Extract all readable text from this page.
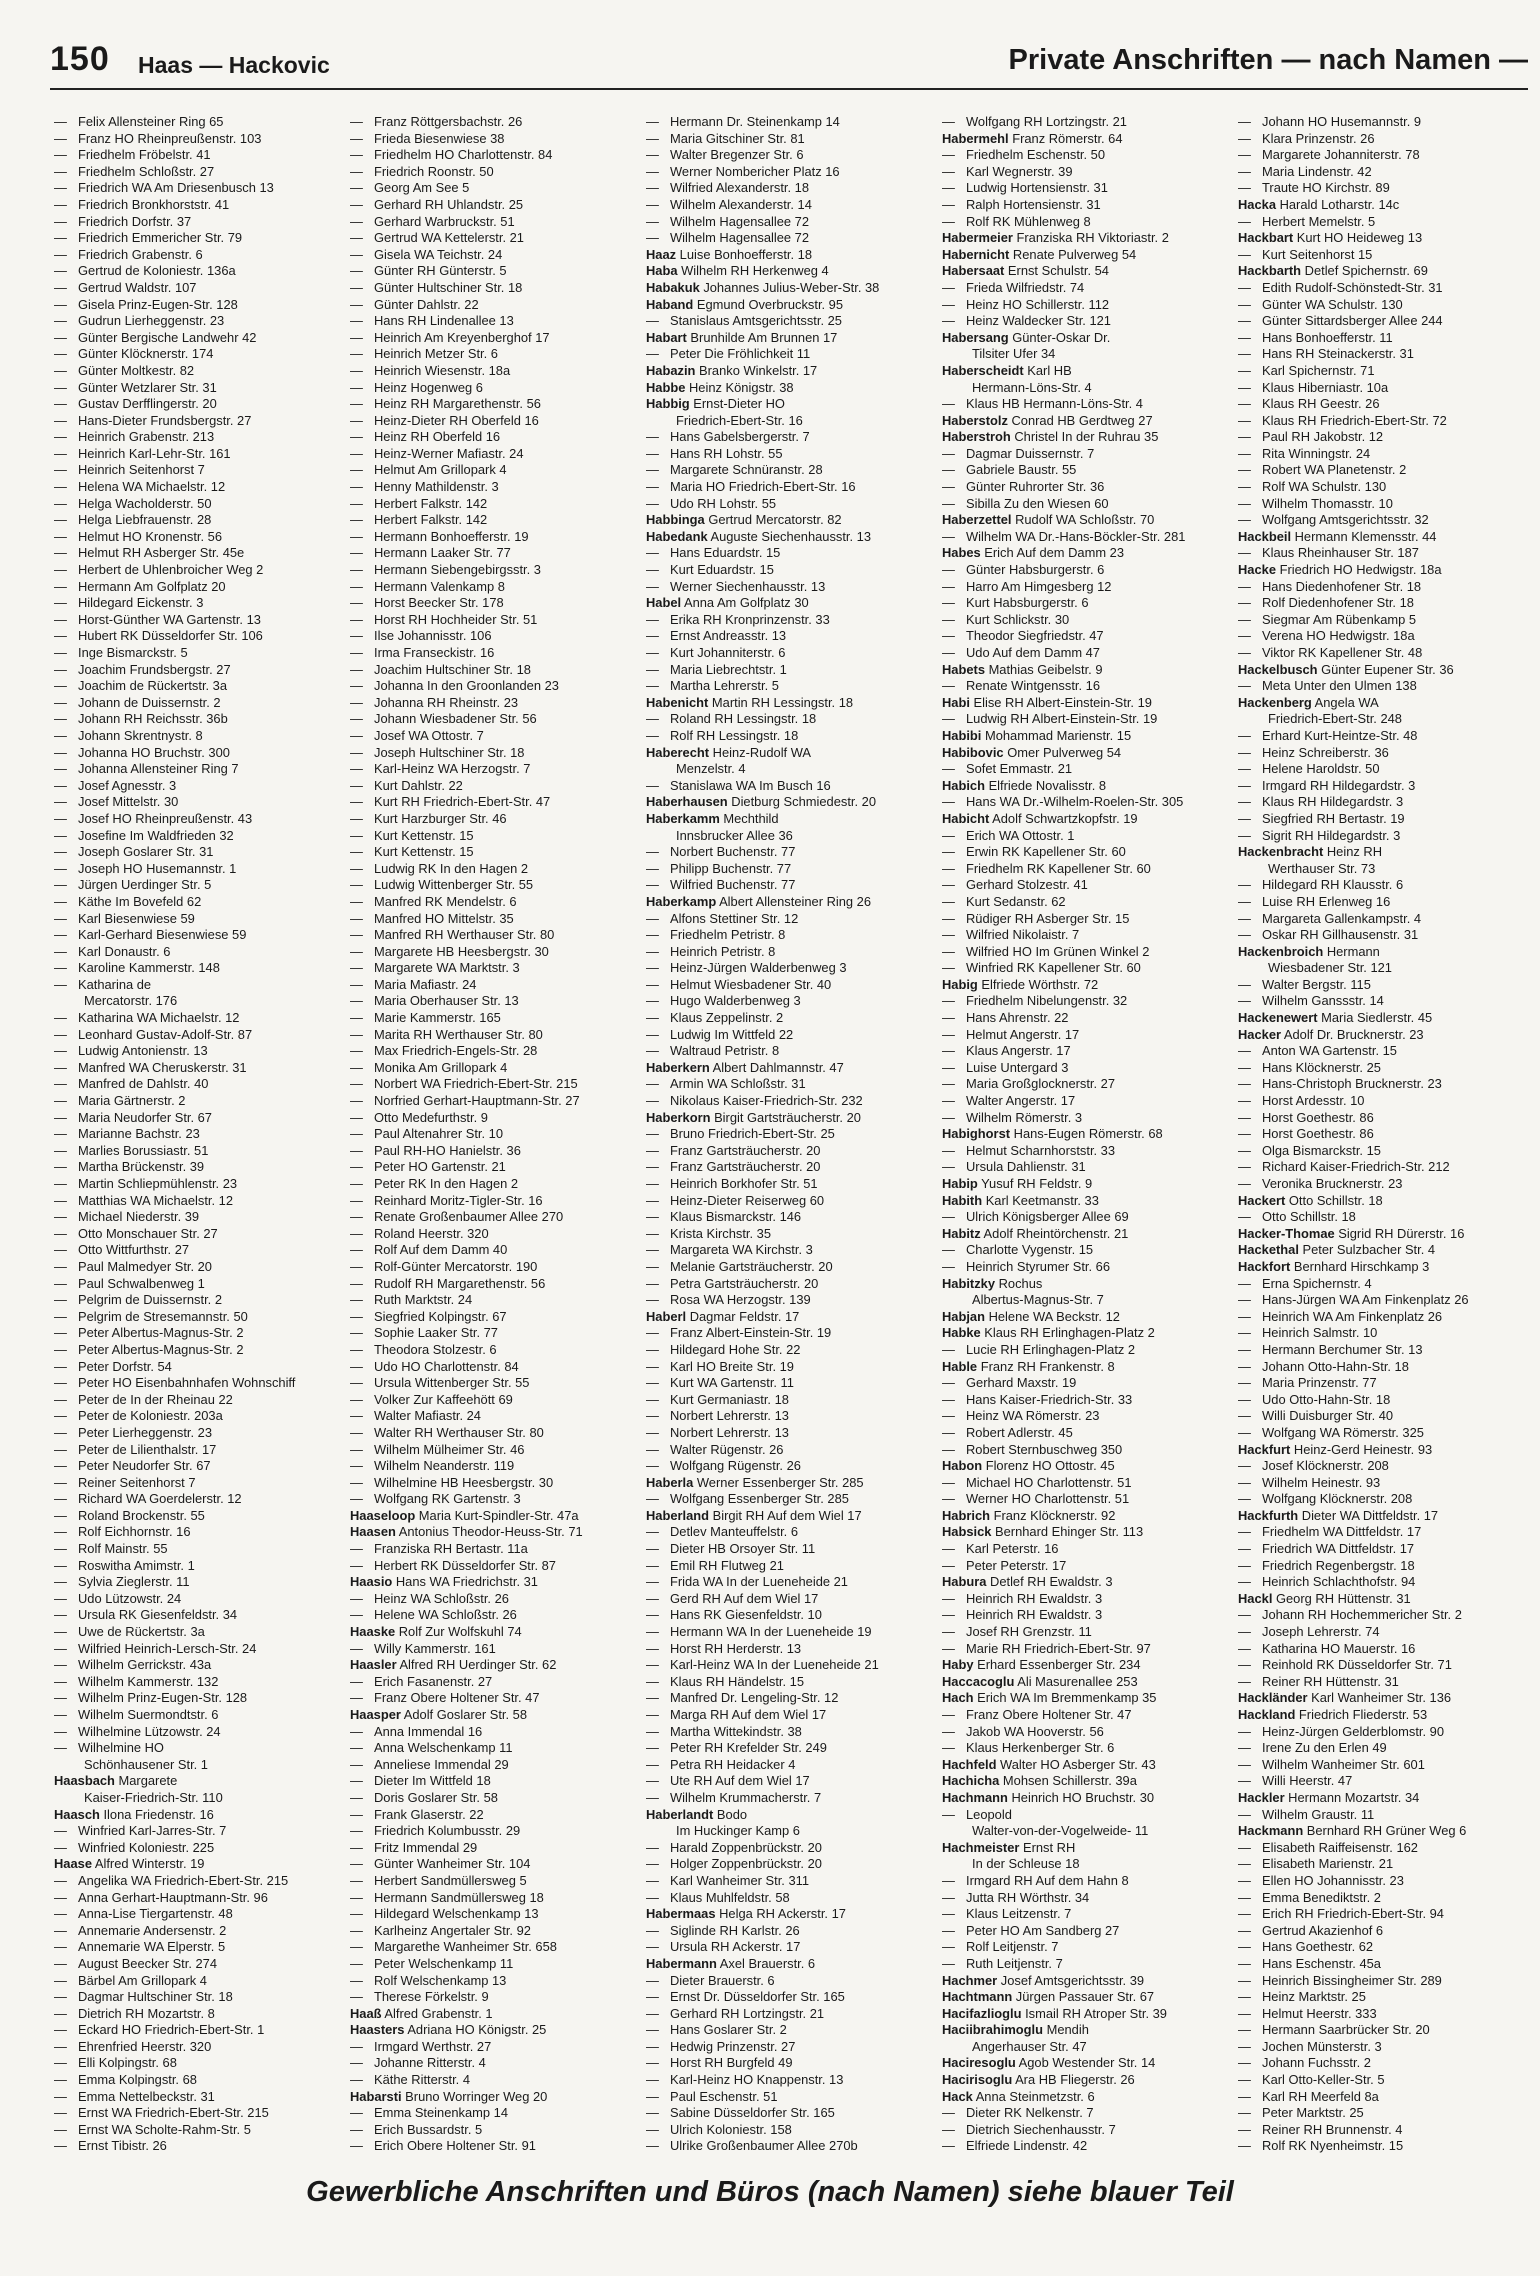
150 Haas — Hackovic	Private Anschriften — nach Namen —
— Felix Allensteiner Ring 65
— Franz HO Rheinpreußenstr. 103
— Friedhelm Fröbelstr. 41
— Friedhelm Schloßstr. 27
— Friedrich WA Am Driesenbusch 13
— Friedrich Bronkhorststr. 41
— Friedrich Dorfstr. 37
— Friedrich Emmericher Str. 79
— Friedrich Grabenstr. 6
— Gertrud de Koloniestr. 136a
— Gertrud Waldstr. 107
— Gisela Prinz-Eugen-Str. 128
— Gudrun Lierheggenstr. 23
— Günter Bergische Landwehr 42
— Günter Klöcknerstr. 174
— Günter Moltkestr. 82
— Günter Wetzlarer Str. 31
— Gustav Derfflingerstr. 20
— Hans-Dieter Frundsbergstr. 27
— Heinrich Grabenstr. 213
— Heinrich Karl-Lehr-Str. 161
— Heinrich Seitenhorst 7
— Helena WA Michaelstr. 12
— Helga Wacholderstr. 50
— Helga Liebfrauenstr. 28
— Helmut HO Kronenstr. 56
— Helmut RH Asberger Str. 45e
— Herbert de Uhlenbroicher Weg 2
— Hermann Am Golfplatz 20
— Hildegard Eickenstr. 3
— Horst-Günther WA Gartenstr. 13
— Hubert RK Düsseldorfer Str. 106
— Inge Bismarckstr. 5
— Joachim Frundsbergstr. 27
— Joachim de Rückertstr. 3a
— Johann de Duissernstr. 2
— Johann RH Reichsstr. 36b
— Johann Skrentnystr. 8
— Johanna HO Bruchstr. 300
— Johanna Allensteiner Ring 7
— Josef Agnesstr. 3
— Josef Mittelstr. 30
— Josef HO Rheinpreußenstr. 43
— Josefine Im Waldfrieden 32
— Joseph Goslarer Str. 31
— Joseph HO Husemannstr. 1
— Jürgen Uerdinger Str. 5
— Käthe Im Bovefeld 62
— Karl Biesenwiese 59
— Karl-Gerhard Biesenwiese 59
— Karl Donaustr. 6
— Karoline Kammerstr. 148
— Katharina de
Mercatorstr. 176
— Katharina WA Michaelstr. 12
— Leonhard Gustav-Adolf-Str. 87
— Ludwig Antonienstr. 13
— Manfred WA Cheruskerstr. 31
— Manfred de Dahlstr. 40
— Maria Gärtnerstr. 2
— Maria Neudorfer Str. 67
— Marianne Bachstr. 23
— Marlies Borussiastr. 51
— Martha Brückenstr. 39
— Martin Schliepmühlenstr. 23
— Matthias WA Michaelstr. 12
— Michael Niederstr. 39
— Otto Monschauer Str. 27
— Otto Wittfurthstr. 27
— Paul Malmedyer Str. 20
— Paul Schwalbenweg 1
— Pelgrim de Duissernstr. 2
— Pelgrim de Stresemannstr. 50
— Peter Albertus-Magnus-Str. 2
— Peter Albertus-Magnus-Str. 2
— Peter Dorfstr. 54
— Peter HO Eisenbahnhafen Wohnschiff
— Peter de In der Rheinau 22
— Peter de Koloniestr. 203a
— Peter Lierheggenstr. 23
— Peter de Lilienthalstr. 17
— Peter Neudorfer Str. 67
— Reiner Seitenhorst 7
— Richard WA Goerdelerstr. 12
— Roland Brockenstr. 55
— Rolf Eichhornstr. 16
— Rolf Mainstr. 55
— Roswitha Amimstr. 1
— Sylvia Zieglerstr. 11
— Udo Lützowstr. 24
— Ursula RK Giesenfeldstr. 34
— Uwe de Rückertstr. 3a
— Wilfried Heinrich-Lersch-Str. 24
— Wilhelm Gerrickstr. 43a
— Wilhelm Kammerstr. 132
— Wilhelm Prinz-Eugen-Str. 128
— Wilhelm Suermondtstr. 6
— Wilhelmine Lützowstr. 24
— Wilhelmine HO
Schönhausener Str. 1
Haasbach Margarete
Kaiser-Friedrich-Str. 110
Haasch Ilona Friedenstr. 16
— Winfried Karl-Jarres-Str. 7
— Winfried Koloniestr. 225
Haase Alfred Winterstr. 19
— Angelika WA Friedrich-Ebert-Str. 215
— Anna Gerhart-Hauptmann-Str. 96
— Anna-Lise Tiergartenstr. 48
— Annemarie Andersenstr. 2
— Annemarie WA Elperstr. 5
— August Beecker Str. 274
— Bärbel Am Grillopark 4
— Dagmar Hultschiner Str. 18
— Dietrich RH Mozartstr. 8
— Eckard HO Friedrich-Ebert-Str. 1
— Ehrenfried Heerstr. 320
— Elli Kolpingstr. 68
— Emma Kolpingstr. 68
— Emma Nettelbeckstr. 31
— Ernst WA Friedrich-Ebert-Str. 215
— Ernst WA Scholte-Rahm-Str. 5
— Ernst Tibistr. 26
— Franz Röttgersbachstr. 26
— Frieda Biesenwiese 38
— Friedhelm HO Charlottenstr. 84
— Friedrich Roonstr. 50
— Georg Am See 5
— Gerhard RH Uhlandstr. 25
— Gerhard Warbruckstr. 51
— Gertrud WA Kettelerstr. 21
— Gisela WA Teichstr. 24
— Günter RH Günterstr. 5
— Günter Hultschiner Str. 18
— Günter Dahlstr. 22
— Hans RH Lindenallee 13
— Heinrich Am Kreyenberghof 17
— Heinrich Metzer Str. 6
— Heinrich Wiesenstr. 18a
— Heinz Hogenweg 6
— Heinz RH Margarethenstr. 56
— Heinz-Dieter RH Oberfeld 16
— Heinz RH Oberfeld 16
— Heinz-Werner Mafiastr. 24
— Helmut Am Grillopark 4
— Henny Mathildenstr. 3
— Herbert Falkstr. 142
— Herbert Falkstr. 142
— Hermann Bonhoefferstr. 19
— Hermann Laaker Str. 77
— Hermann Siebengebirgsstr. 3
— Hermann Valenkamp 8
— Horst Beecker Str. 178
— Horst RH Hochheider Str. 51
— Ilse Johannisstr. 106
— Irma Franseckistr. 16
— Joachim Hultschiner Str. 18
— Johanna In den Groonlanden 23
— Johanna RH Rheinstr. 23
— Johann Wiesbadener Str. 56
— Josef WA Ottostr. 7
— Joseph Hultschiner Str. 18
— Karl-Heinz WA Herzogstr. 7
— Kurt Dahlstr. 22
— Kurt RH Friedrich-Ebert-Str. 47
— Kurt Harzburger Str. 46
— Kurt Kettenstr. 15
— Kurt Kettenstr. 15
— Ludwig RK In den Hagen 2
— Ludwig Wittenberger Str. 55
— Manfred RK Mendelstr. 6
— Manfred HO Mittelstr. 35
— Manfred RH Werthauser Str. 80
— Margarete HB Heesbergstr. 30
— Margarete WA Marktstr. 3
— Maria Mafiastr. 24
— Maria Oberhauser Str. 13
— Marie Kammerstr. 165
— Marita RH Werthauser Str. 80
— Max Friedrich-Engels-Str. 28
— Monika Am Grillopark 4
— Norbert WA Friedrich-Ebert-Str. 215
— Norfried Gerhart-Hauptmann-Str. 27
— Otto Medefurthstr. 9
— Paul Altenahrer Str. 10
— Paul RH-HO Hanielstr. 36
— Peter HO Gartenstr. 21
— Peter RK In den Hagen 2
— Reinhard Moritz-Tigler-Str. 16
— Renate Großenbaumer Allee 270
— Roland Heerstr. 320
— Rolf Auf dem Damm 40
— Rolf-Günter Mercatorstr. 190
— Rudolf RH Margarethenstr. 56
— Ruth Marktstr. 24
— Siegfried Kolpingstr. 67
— Sophie Laaker Str. 77
— Theodora Stolzestr. 6
— Udo HO Charlottenstr. 84
— Ursula Wittenberger Str. 55
— Volker Zur Kaffeehött 69
— Walter Mafiastr. 24
— Walter RH Werthauser Str. 80
— Wilhelm Mülheimer Str. 46
— Wilhelm Neanderstr. 119
— Wilhelmine HB Heesbergstr. 30
— Wolfgang RK Gartenstr. 3
Haaseloop Maria Kurt-Spindler-Str. 47a
Haasen Antonius Theodor-Heuss-Str. 71
— Franziska RH Bertastr. 11a
— Herbert RK Düsseldorfer Str. 87
Haasio Hans WA Friedrichstr. 31
— Heinz WA Schloßstr. 26
— Helene WA Schloßstr. 26
Haaske Rolf Zur Wolfskuhl 74
— Willy Kammerstr. 161
Haasler Alfred RH Uerdinger Str. 62
— Erich Fasanenstr. 27
— Franz Obere Holtener Str. 47
Haasper Adolf Goslarer Str. 58
— Anna Immendal 16
— Anna Welschenkamp 11
— Anneliese Immendal 29
— Dieter Im Wittfeld 18
— Doris Goslarer Str. 58
— Frank Glaserstr. 22
— Friedrich Kolumbusstr. 29
— Fritz Immendal 29
— Günter Wanheimer Str. 104
— Herbert Sandmüllersweg 5
— Hermann Sandmüllersweg 18
— Hildegard Welschenkamp 13
— Karlheinz Angertaler Str. 92
— Margarethe Wanheimer Str. 658
— Peter Welschenkamp 11
— Rolf Welschenkamp 13
— Therese Förkelstr. 9
Haaß Alfred Grabenstr. 1
Haasters Adriana HO Königstr. 25
— Irmgard Werthstr. 27
— Johanne Ritterstr. 4
— Käthe Ritterstr. 4
Habarsti Bruno Worringer Weg 20
— Emma Steinenkamp 14
— Erich Bussardstr. 5
— Erich Obere Holtener Str. 91
— Hermann Dr. Steinenkamp 14
— Maria Gitschiner Str. 81
— Walter Bregenzer Str. 6
— Werner Nombericher Platz 16
— Wilfried Alexanderstr. 18
— Wilhelm Alexanderstr. 14
— Wilhelm Hagensallee 72
— Wilhelm Hagensallee 72
Haaz Luise Bonhoefferstr. 18
Haba Wilhelm RH Herkenweg 4
Habakuk Johannes Julius-Weber-Str. 38
Haband Egmund Overbruckstr. 95
— Stanislaus Amtsgerichtsstr. 25
Habart Brunhilde Am Brunnen 17
— Peter Die Fröhlichkeit 11
Habazin Branko Winkelstr. 17
Habbe Heinz Königstr. 38
Habbig Ernst-Dieter HO
Friedrich-Ebert-Str. 16
— Hans Gabelsbergerstr. 7
— Hans RH Lohstr. 55
— Margarete Schnüranstr. 28
— Maria HO Friedrich-Ebert-Str. 16
— Udo RH Lohstr. 55
Habbinga Gertrud Mercatorstr. 82
Habedank Auguste Siechenhausstr. 13
— Hans Eduardstr. 15
— Kurt Eduardstr. 15
— Werner Siechenhausstr. 13
Habel Anna Am Golfplatz 30
— Erika RH Kronprinzenstr. 33
— Ernst Andreasstr. 13
— Kurt Johanniterstr. 6
— Maria Liebrechtstr. 1
— Martha Lehrerstr. 5
Habenicht Martin RH Lessingstr. 18
— Roland RH Lessingstr. 18
— Rolf RH Lessingstr. 18
Haberecht Heinz-Rudolf WA
Menzelstr. 4
— Stanislawa WA Im Busch 16
Haberhausen Dietburg Schmiedestr. 20
Haberkamm Mechthild
Innsbrucker Allee 36
— Norbert Buchenstr. 77
— Philipp Buchenstr. 77
— Wilfried Buchenstr. 77
Haberkamp Albert Allensteiner Ring 26
— Alfons Stettiner Str. 12
— Friedhelm Petristr. 8
— Heinrich Petristr. 8
— Heinz-Jürgen Walderbenweg 3
— Helmut Wiesbadener Str. 40
— Hugo Walderbenweg 3
— Klaus Zeppelinstr. 2
— Ludwig Im Wittfeld 22
— Waltraud Petristr. 8
Haberkern Albert Dahlmannstr. 47
— Armin WA Schloßstr. 31
— Nikolaus Kaiser-Friedrich-Str. 232
Haberkorn Birgit Gartsträucherstr. 20
— Bruno Friedrich-Ebert-Str. 25
— Franz Gartsträucherstr. 20
— Franz Gartsträucherstr. 20
— Heinrich Borkhofer Str. 51
— Heinz-Dieter Reiserweg 60
— Klaus Bismarckstr. 146
— Krista Kirchstr. 35
— Margareta WA Kirchstr. 3
— Melanie Gartsträucherstr. 20
— Petra Gartsträucherstr. 20
— Rosa WA Herzogstr. 139
Haberl Dagmar Feldstr. 17
— Franz Albert-Einstein-Str. 19
— Hildegard Hohe Str. 22
— Karl HO Breite Str. 19
— Kurt WA Gartenstr. 11
— Kurt Germaniastr. 18
— Norbert Lehrerstr. 13
— Norbert Lehrerstr. 13
— Walter Rügenstr. 26
— Wolfgang Rügenstr. 26
Haberla Werner Essenberger Str. 285
— Wolfgang Essenberger Str. 285
Haberland Birgit RH Auf dem Wiel 17
— Detlev Manteuffelstr. 6
— Dieter HB Orsoyer Str. 11
— Emil RH Flutweg 21
— Frida WA In der Lueneheide 21
— Gerd RH Auf dem Wiel 17
— Hans RK Giesenfeldstr. 10
— Hermann WA In der Lueneheide 19
— Horst RH Herderstr. 13
— Karl-Heinz WA In der Lueneheide 21
— Klaus RH Händelstr. 15
— Manfred Dr. Lengeling-Str. 12
— Marga RH Auf dem Wiel 17
— Martha Wittekindstr. 38
— Peter RH Krefelder Str. 249
— Petra RH Heidacker 4
— Ute RH Auf dem Wiel 17
— Wilhelm Krummacherstr. 7
Haberlandt Bodo
Im Huckinger Kamp 6
— Harald Zoppenbrückstr. 20
— Holger Zoppenbrückstr. 20
— Karl Wanheimer Str. 311
— Klaus Muhlfeldstr. 58
Habermaas Helga RH Ackerstr. 17
— Siglinde RH Karlstr. 26
— Ursula RH Ackerstr. 17
Habermann Axel Brauerstr. 6
— Dieter Brauerstr. 6
— Ernst Dr. Düsseldorfer Str. 165
— Gerhard RH Lortzingstr. 21
— Hans Goslarer Str. 2
— Hedwig Prinzenstr. 27
— Horst RH Burgfeld 49
— Karl-Heinz HO Knappenstr. 13
— Paul Eschenstr. 51
— Sabine Düsseldorfer Str. 165
— Ulrich Koloniestr. 158
— Ulrike Großenbaumer Allee 270b
— Wolfgang RH Lortzingstr. 21
Habermehl Franz Römerstr. 64
— Friedhelm Eschenstr. 50
— Karl Wegnerstr. 39
— Ludwig Hortensienstr. 31
— Ralph Hortensienstr. 31
— Rolf RK Mühlenweg 8
Habermeier Franziska RH Viktoriastr. 2
Habernicht Renate Pulverweg 54
Habersaat Ernst Schulstr. 54
— Frieda Wilfriedstr. 74
— Heinz HO Schillerstr. 112
— Heinz Waldecker Str. 121
Habersang Günter-Oskar Dr.
Tilsiter Ufer 34
Haberscheidt Karl HB
Hermann-Löns-Str. 4
— Klaus HB Hermann-Löns-Str. 4
Haberstolz Conrad HB Gerdtweg 27
Haberstroh Christel In der Ruhrau 35
— Dagmar Duissernstr. 7
— Gabriele Baustr. 55
— Günter Ruhrorter Str. 36
— Sibilla Zu den Wiesen 60
Haberzettel Rudolf WA Schloßstr. 70
— Wilhelm WA Dr.-Hans-Böckler-Str. 281
Habes Erich Auf dem Damm 23
— Günter Habsburgerstr. 6
— Harro Am Himgesberg 12
— Kurt Habsburgerstr. 6
— Kurt Schlickstr. 30
— Theodor Siegfriedstr. 47
— Udo Auf dem Damm 47
Habets Mathias Geibelstr. 9
— Renate Wintgensstr. 16
Habi Elise RH Albert-Einstein-Str. 19
— Ludwig RH Albert-Einstein-Str. 19
Habibi Mohammad Marienstr. 15
Habibovic Omer Pulverweg 54
— Sofet Emmastr. 21
Habich Elfriede Novalisstr. 8
— Hans WA Dr.-Wilhelm-Roelen-Str. 305
Habicht Adolf Schwartzkopfstr. 19
— Erich WA Ottostr. 1
— Erwin RK Kapellener Str. 60
— Friedhelm RK Kapellener Str. 60
— Gerhard Stolzestr. 41
— Kurt Sedanstr. 62
— Rüdiger RH Asberger Str. 15
— Wilfried Nikolaistr. 7
— Wilfried HO Im Grünen Winkel 2
— Winfried RK Kapellener Str. 60
Habig Elfriede Wörthstr. 72
— Friedhelm Nibelungenstr. 32
— Hans Ahrenstr. 22
— Helmut Angerstr. 17
— Klaus Angerstr. 17
— Luise Untergard 3
— Maria Großglocknerstr. 27
— Walter Angerstr. 17
— Wilhelm Römerstr. 3
Habighorst Hans-Eugen Römerstr. 68
— Helmut Scharnhorststr. 33
— Ursula Dahlienstr. 31
Habip Yusuf RH Feldstr. 9
Habith Karl Keetmanstr. 33
— Ulrich Königsberger Allee 69
Habitz Adolf Rheintörchenstr. 21
— Charlotte Vygenstr. 15
— Heinrich Styrumer Str. 66
Habitzky Rochus
Albertus-Magnus-Str. 7
Habjan Helene WA Beckstr. 12
Habke Klaus RH Erlinghagen-Platz 2
— Lucie RH Erlinghagen-Platz 2
Hable Franz RH Frankenstr. 8
— Gerhard Maxstr. 19
— Hans Kaiser-Friedrich-Str. 33
— Heinz WA Römerstr. 23
— Robert Adlerstr. 45
— Robert Sternbuschweg 350
Habon Florenz HO Ottostr. 45
— Michael HO Charlottenstr. 51
— Werner HO Charlottenstr. 51
Habrich Franz Klöcknerstr. 92
Habsick Bernhard Ehinger Str. 113
— Karl Peterstr. 16
— Peter Peterstr. 17
Habura Detlef RH Ewaldstr. 3
— Heinrich RH Ewaldstr. 3
— Heinrich RH Ewaldstr. 3
— Josef RH Grenzstr. 11
— Marie RH Friedrich-Ebert-Str. 97
Haby Erhard Essenberger Str. 234
Haccacoglu Ali Masurenallee 253
Hach Erich WA Im Bremmenkamp 35
— Franz Obere Holtener Str. 47
— Jakob WA Hooverstr. 56
— Klaus Herkenberger Str. 6
Hachfeld Walter HO Asberger Str. 43
Hachicha Mohsen Schillerstr. 39a
Hachmann Heinrich HO Bruchstr. 30
— Leopold
Walter-von-der-Vogelweide- 11
Hachmeister Ernst RH
In der Schleuse 18
— Irmgard RH Auf dem Hahn 8
— Jutta RH Wörthstr. 34
— Klaus Leitzenstr. 7
— Peter HO Am Sandberg 27
— Rolf Leitjenstr. 7
— Ruth Leitjenstr. 7
Hachmer Josef Amtsgerichtsstr. 39
Hachtmann Jürgen Passauer Str. 67
Hacifazlioglu Ismail RH Atroper Str. 39
Haciibrahimoglu Mendih
Angerhauser Str. 47
Haciresoglu Agob Westender Str. 14
Hacirisoglu Ara HB Fliegerstr. 26
Hack Anna Steinmetzstr. 6
— Dieter RK Nelkenstr. 7
— Dietrich Siechenhausstr. 7
— Elfriede Lindenstr. 42
— Johann HO Husemannstr. 9
— Klara Prinzenstr. 26
— Margarete Johanniterstr. 78
— Maria Lindenstr. 42
— Traute HO Kirchstr. 89
Hacka Harald Lotharstr. 14c
— Herbert Memelstr. 5
Hackbart Kurt HO Heideweg 13
— Kurt Seitenhorst 15
Hackbarth Detlef Spichernstr. 69
— Edith Rudolf-Schönstedt-Str. 31
— Günter WA Schulstr. 130
— Günter Sittardsberger Allee 244
— Hans Bonhoefferstr. 11
— Hans RH Steinackerstr. 31
— Karl Spichernstr. 71
— Klaus Hiberniastr. 10a
— Klaus RH Geestr. 26
— Klaus RH Friedrich-Ebert-Str. 72
— Paul RH Jakobstr. 12
— Rita Winningstr. 24
— Robert WA Planetenstr. 2
— Rolf WA Schulstr. 130
— Wilhelm Thomasstr. 10
— Wolfgang Amtsgerichtsstr. 32
Hackbeil Hermann Klemensstr. 44
— Klaus Rheinhauser Str. 187
Hacke Friedrich HO Hedwigstr. 18a
— Hans Diedenhofener Str. 18
— Rolf Diedenhofener Str. 18
— Siegmar Am Rübenkamp 5
— Verena HO Hedwigstr. 18a
— Viktor RK Kapellener Str. 48
Hackelbusch Günter Eupener Str. 36
— Meta Unter den Ulmen 138
Hackenberg Angela WA
Friedrich-Ebert-Str. 248
— Erhard Kurt-Heintze-Str. 48
— Heinz Schreiberstr. 36
— Helene Haroldstr. 50
— Irmgard RH Hildegardstr. 3
— Klaus RH Hildegardstr. 3
— Siegfried RH Bertastr. 19
— Sigrit RH Hildegardstr. 3
Hackenbracht Heinz RH
Werthauser Str. 73
— Hildegard RH Klausstr. 6
— Luise RH Erlenweg 16
— Margareta Gallenkampstr. 4
— Oskar RH Gillhausenstr. 31
Hackenbroich Hermann
Wiesbadener Str. 121
— Walter Bergstr. 115
— Wilhelm Ganssstr. 14
Hackenewert Maria Siedlerstr. 45
Hacker Adolf Dr. Brucknerstr. 23
— Anton WA Gartenstr. 15
— Hans Klöcknerstr. 25
— Hans-Christoph Brucknerstr. 23
— Horst Ardesstr. 10
— Horst Goethestr. 86
— Horst Goethestr. 86
— Olga Bismarckstr. 15
— Richard Kaiser-Friedrich-Str. 212
— Veronika Brucknerstr. 23
Hackert Otto Schillstr. 18
— Otto Schillstr. 18
Hacker-Thomae Sigrid RH Dürerstr. 16
Hackethal Peter Sulzbacher Str. 4
Hackfort Bernhard Hirschkamp 3
— Erna Spichernstr. 4
— Hans-Jürgen WA Am Finkenplatz 26
— Heinrich WA Am Finkenplatz 26
— Heinrich Salmstr. 10
— Hermann Berchumer Str. 13
— Johann Otto-Hahn-Str. 18
— Maria Prinzenstr. 77
— Udo Otto-Hahn-Str. 18
— Willi Duisburger Str. 40
— Wolfgang WA Römerstr. 325
Hackfurt Heinz-Gerd Heinestr. 93
— Josef Klöcknerstr. 208
— Wilhelm Heinestr. 93
— Wolfgang Klöcknerstr. 208
Hackfurth Dieter WA Dittfeldstr. 17
— Friedhelm WA Dittfeldstr. 17
— Friedrich WA Dittfeldstr. 17
— Friedrich Regenbergstr. 18
— Heinrich Schlachthofstr. 94
Hackl Georg RH Hüttenstr. 31
— Johann RH Hochemmericher Str. 2
— Joseph Lehrerstr. 74
— Katharina HO Mauerstr. 16
— Reinhold RK Düsseldorfer Str. 71
— Reiner RH Hüttenstr. 31
Hackländer Karl Wanheimer Str. 136
Hackland Friedrich Fliederstr. 53
— Heinz-Jürgen Gelderblomstr. 90
— Irene Zu den Erlen 49
— Wilhelm Wanheimer Str. 601
— Willi Heerstr. 47
Hackler Hermann Mozartstr. 34
— Wilhelm Graustr. 11
Hackmann Bernhard RH Grüner Weg 6
— Elisabeth Raiffeisenstr. 162
— Elisabeth Marienstr. 21
— Ellen HO Johannisstr. 23
— Emma Benediktstr. 2
— Erich RH Friedrich-Ebert-Str. 94
— Gertrud Akazienhof 6
— Hans Goethestr. 62
— Hans Eschenstr. 45a
— Heinrich Bissingheimer Str. 289
— Heinz Marktstr. 25
— Helmut Heerstr. 333
— Hermann Saarbrücker Str. 20
— Jochen Münsterstr. 3
— Johann Fuchsstr. 2
— Karl Otto-Keller-Str. 5
— Karl RH Meerfeld 8a
— Peter Marktstr. 25
— Reiner RH Brunnenstr. 4
— Rolf RK Nyenheimstr. 15
Gewerbliche Anschriften und Büros (nach Namen) siehe blauer Teil
